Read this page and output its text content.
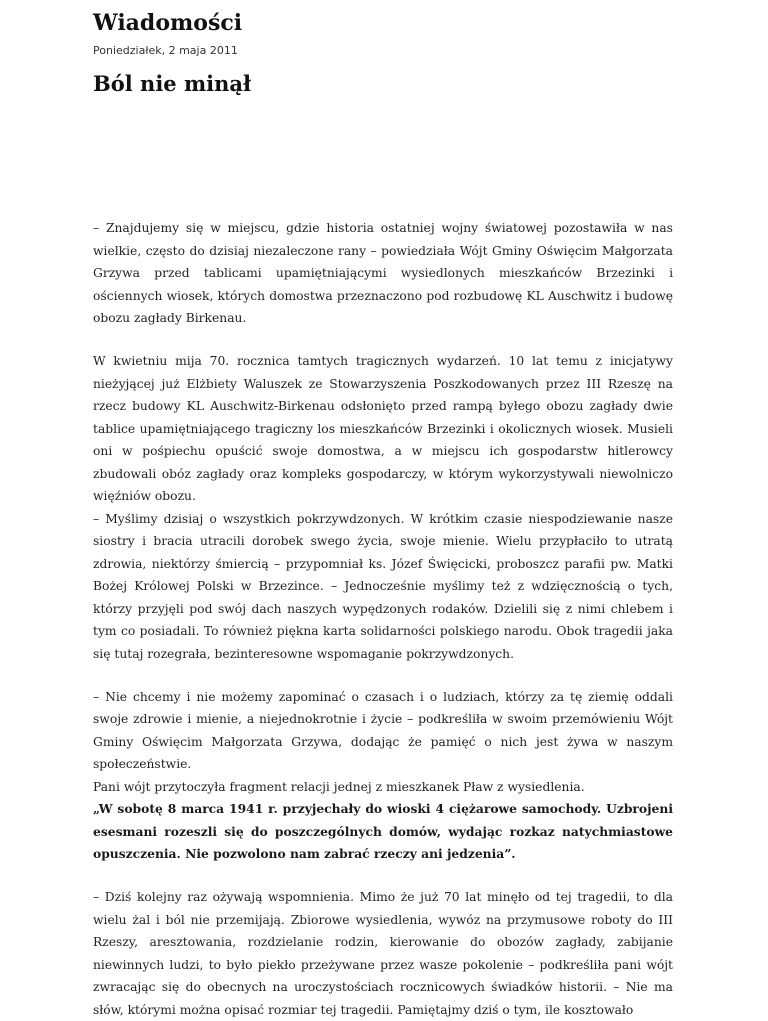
Wiadomości
Poniedziałek, 2 maja 2011
Ból nie minął

– Znajdujemy się w miejscu, gdzie historia ostatniej wojny światowej pozostawiła w nas wielkie, często do dzisiaj niezaleczone rany – powiedziała Wójt Gminy Oświęcim Małgorzata Grzywa przed tablicami upamiętniającymi wysiedlonych mieszkańców Brzezinki i ościennych wiosek, których domostwa przeznaczono pod rozbudowę KL Auschwitz i budowę obozu zagłady Birkenau.

W kwietniu mija 70. rocznica tamtych tragicznych wydarzeń. 10 lat temu z inicjatywy nieżyjącej już Elżbiety Waluszek ze Stowarzyszenia Poszkodowanych przez III Rzeszę na rzecz budowy KL Auschwitz-Birkenau odsłonięto przed rampą byłego obozu zagłady dwie tablice upamiętniającego tragiczny los mieszkańców Brzezinki i okolicznych wiosek. Musieli oni w pośpiechu opuścić swoje domostwa, a w miejscu ich gospodarstw hitlerowcy zbudowali obóz zagłady oraz kompleks gospodarczy, w którym wykorzystywali niewolniczo więźniów obozu.

– Myślimy dzisiaj o wszystkich pokrzywdzonych. W krótkim czasie niespodziewanie nasze siostry i bracia utracili dorobek swego życia, swoje mienie. Wielu przypłaciło to utratą zdrowia, niektórzy śmiercią – przypomniał ks. Józef Święcicki, proboszcz parafii pw. Matki Bożej Królowej Polski w Brzezince. – Jednocześnie myślimy też z wdzięcznością o tych, którzy przyjęli pod swój dach naszych wypędzonych rodaków. Dzielili się z nimi chlebem i tym co posiadali. To również piękna karta solidarności polskiego narodu. Obok tragedii jaka się tutaj rozegrała, bezinteresowne wspomaganie pokrzywdzonych.

– Nie chcemy i nie możemy zapominać o czasach i o ludziach, którzy za tę ziemię oddali swoje zdrowie i mienie, a niejednokrotnie i życie – podkreśliła w swoim przemówieniu Wójt Gminy Oświęcim Małgorzata Grzywa, dodając że pamięć o nich jest żywa w naszym społeczeństwie.

Pani wójt przytoczyła fragment relacji jednej z mieszkanek Pław z wysiedlenia.

„W sobotę 8 marca 1941 r. przyjechały do wioski 4 ciężarowe samochody. Uzbrojeni esesmani rozeszli się do poszczególnych domów, wydając rozkaz natychmiastowe opuszczenia. Nie pozwolono nam zabrać rzeczy ani jedzenia”.

– Dziś kolejny raz ożywają wspomnienia. Mimo że już 70 lat minęło od tej tragedii, to dla wielu żal i ból nie przemijają. Zbiorowe wysiedlenia, wywóz na przymusowe roboty do III Rzeszy, aresztowania, rozdzielanie rodzin, kierowanie do obozów zagłady, zabijanie niewinnych ludzi, to było piekło przeżywane przez wasze pokolenie – podkreśliła pani wójt zwracając się do obecnych na uroczystościach rocznicowych świadków historii. – Nie ma słów, którymi można opisać rozmiar tej tragedii. Pamiętajmy dziś o tym, ile kosztowało
